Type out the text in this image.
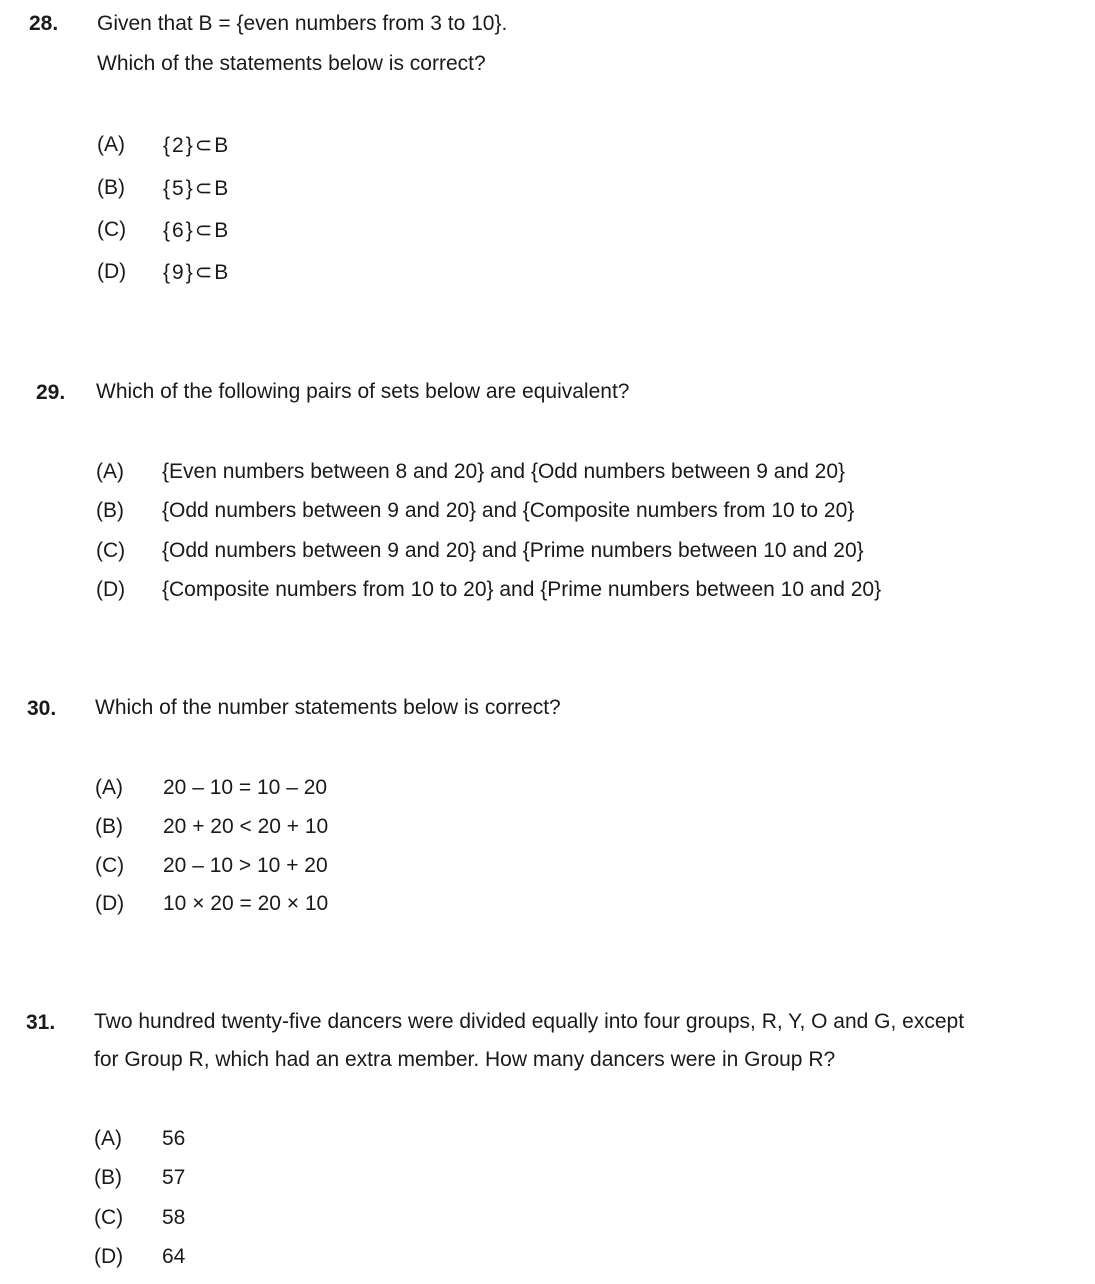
28. Given that B = {even numbers from 3 to 10}.
Which of the statements below is correct?
(A) {2}⊂B
(B) {5}⊂B
(C) {6}⊂B
(D) {9}⊂B
29. Which of the following pairs of sets below are equivalent?
(A) {Even numbers between 8 and 20} and {Odd numbers between 9 and 20}
(B) {Odd numbers between 9 and 20} and {Composite numbers from 10 to 20}
(C) {Odd numbers between 9 and 20} and {Prime numbers between 10 and 20}
(D) {Composite numbers from 10 to 20} and {Prime numbers between 10 and 20}
30. Which of the number statements below is correct?
(A) 20 – 10 = 10 – 20
(B) 20 + 20 < 20 + 10
(C) 20 – 10 > 10 + 20
(D) 10 × 20 = 20 × 10
31. Two hundred twenty-five dancers were divided equally into four groups, R, Y, O and G, except
for Group R, which had an extra member. How many dancers were in Group R?
(A) 56
(B) 57
(C) 58
(D) 64
